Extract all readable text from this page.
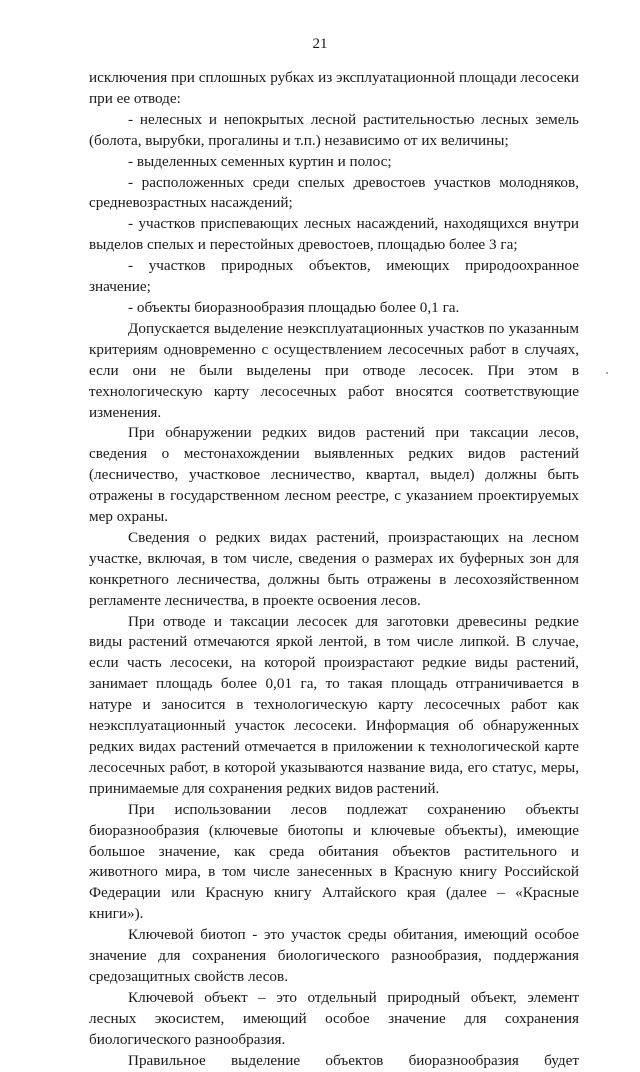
21

исключения при сплошных рубках из эксплуатационной площади лесосеки при ее отводе:

- нелесных и непокрытых лесной растительностью лесных земель (болота, вырубки, прогалины и т.п.) независимо от их величины;

- выделенных семенных куртин и полос;

- расположенных среди спелых древостоев участков молодняков, средневозрастных насаждений;

- участков приспевающих лесных насаждений, находящихся внутри выделов спелых и перестойных древостоев, площадью более 3 га;

- участков природных объектов, имеющих природоохранное значение;

- объекты биоразнообразия площадью более 0,1 га.

Допускается выделение неэксплуатационных участков по указанным критериям одновременно с осуществлением лесосечных работ в случаях, если они не были выделены при отводе лесосек. При этом в технологическую карту лесосечных работ вносятся соответствующие изменения.

При обнаружении редких видов растений при таксации лесов, сведения о местонахождении выявленных редких видов растений (лесничество, участковое лесничество, квартал, выдел) должны быть отражены в государственном лесном реестре, с указанием проектируемых мер охраны.

Сведения о редких видах растений, произрастающих на лесном участке, включая, в том числе, сведения о размерах их буферных зон для конкретного лесничества, должны быть отражены в лесохозяйственном регламенте лесничества, в проекте освоения лесов.

При отводе и таксации лесосек для заготовки древесины редкие виды растений отмечаются яркой лентой, в том числе липкой. В случае, если часть лесосеки, на которой произрастают редкие виды растений, занимает площадь более 0,01 га, то такая площадь отграничивается в натуре и заносится в технологическую карту лесосечных работ как неэксплуатационный участок лесосеки. Информация об обнаруженных редких видах растений отмечается в приложении к технологической карте лесосечных работ, в которой указываются название вида, его статус, меры, принимаемые для сохранения редких видов растений.

При использовании лесов подлежат сохранению объекты биоразнообразия (ключевые биотопы и ключевые объекты), имеющие большое значение, как среда обитания объектов растительного и животного мира, в том числе занесенных в Красную книгу Российской Федерации или Красную книгу Алтайского края (далее – «Красные книги»).

Ключевой биотоп - это участок среды обитания, имеющий особое значение для сохранения биологического разнообразия, поддержания средозащитных свойств лесов.

Ключевой объект – это отдельный природный объект, элемент лесных экосистем, имеющий особое значение для сохранения биологического разнообразия.

Правильное выделение объектов биоразнообразия будет
